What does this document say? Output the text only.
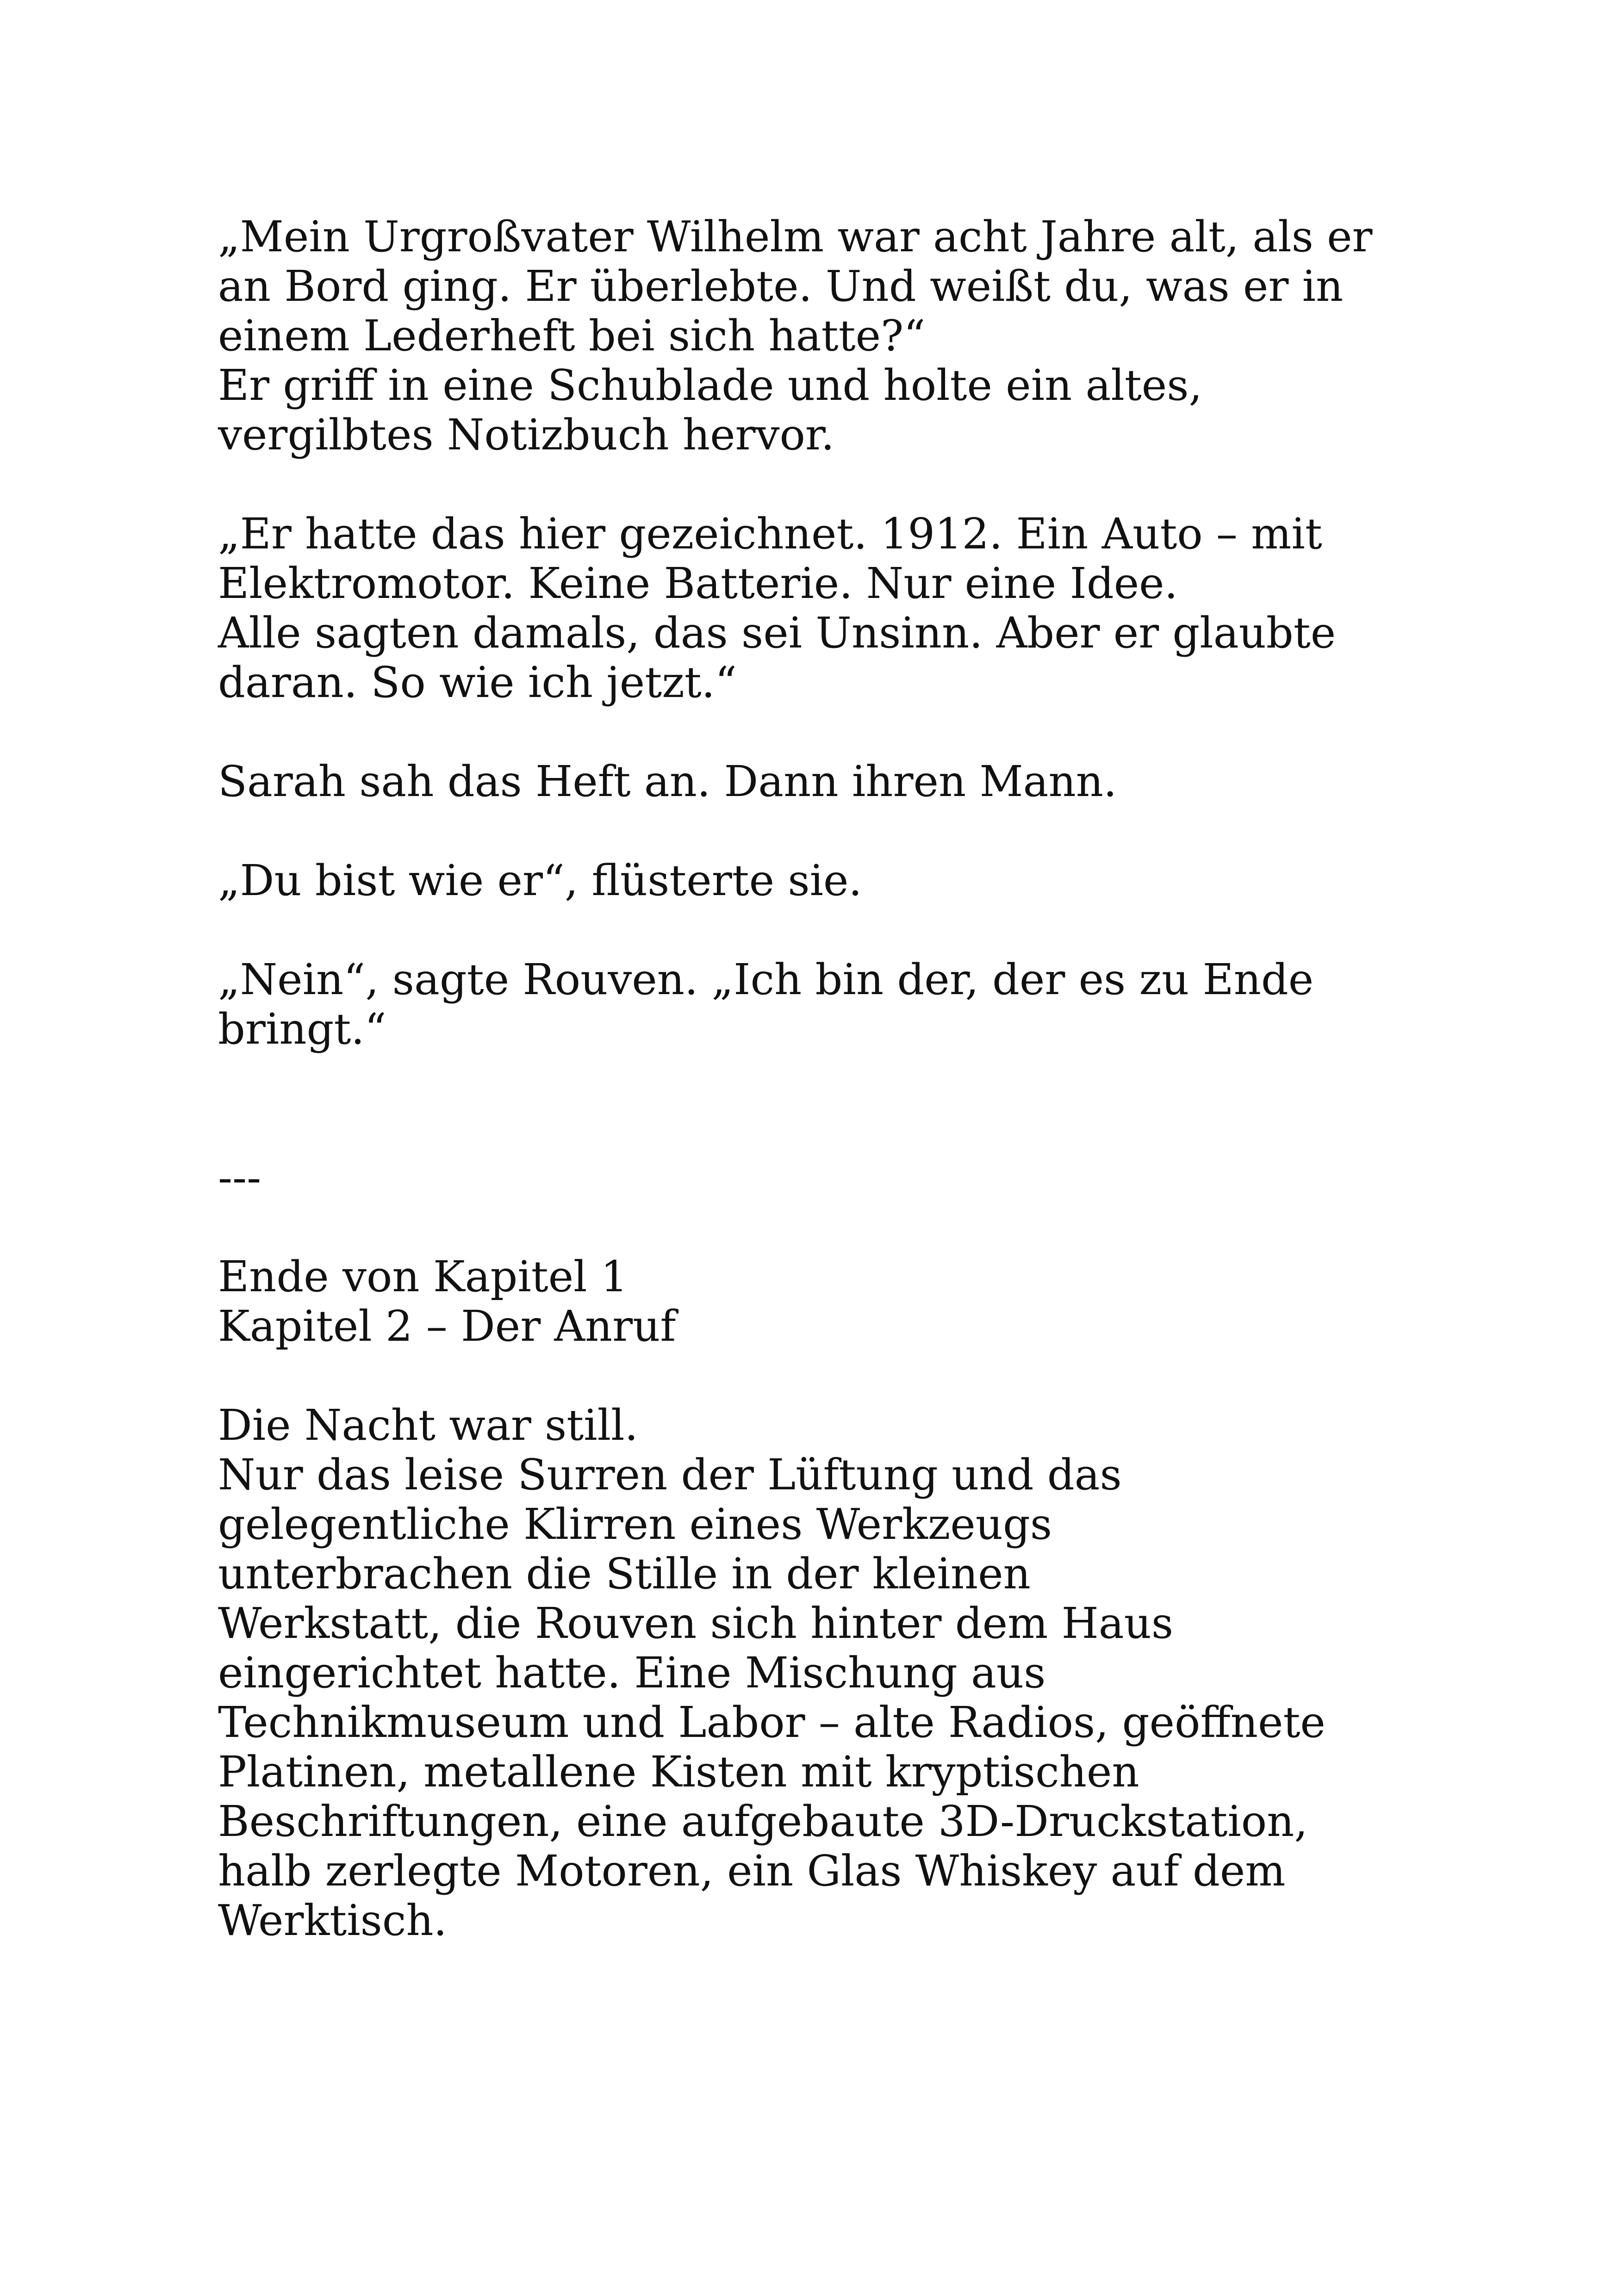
„Mein Urgroßvater Wilhelm war acht Jahre alt, als er
an Bord ging. Er überlebte. Und weißt du, was er in
einem Lederheft bei sich hatte?“
Er griff in eine Schublade und holte ein altes,
vergilbtes Notizbuch hervor.
„Er hatte das hier gezeichnet. 1912. Ein Auto – mit
Elektromotor. Keine Batterie. Nur eine Idee.
Alle sagten damals, das sei Unsinn. Aber er glaubte
daran. So wie ich jetzt.“
Sarah sah das Heft an. Dann ihren Mann.
„Du bist wie er“, flüsterte sie.
„Nein“, sagte Rouven. „Ich bin der, der es zu Ende
bringt.“
---
Ende von Kapitel 1
Kapitel 2 – Der Anruf
Die Nacht war still.
Nur das leise Surren der Lüftung und das
gelegentliche Klirren eines Werkzeugs
unterbrachen die Stille in der kleinen
Werkstatt, die Rouven sich hinter dem Haus
eingerichtet hatte. Eine Mischung aus
Technikmuseum und Labor – alte Radios, geöffnete
Platinen, metallene Kisten mit kryptischen
Beschriftungen, eine aufgebaute 3D-Druckstation,
halb zerlegte Motoren, ein Glas Whiskey auf dem
Werktisch.
